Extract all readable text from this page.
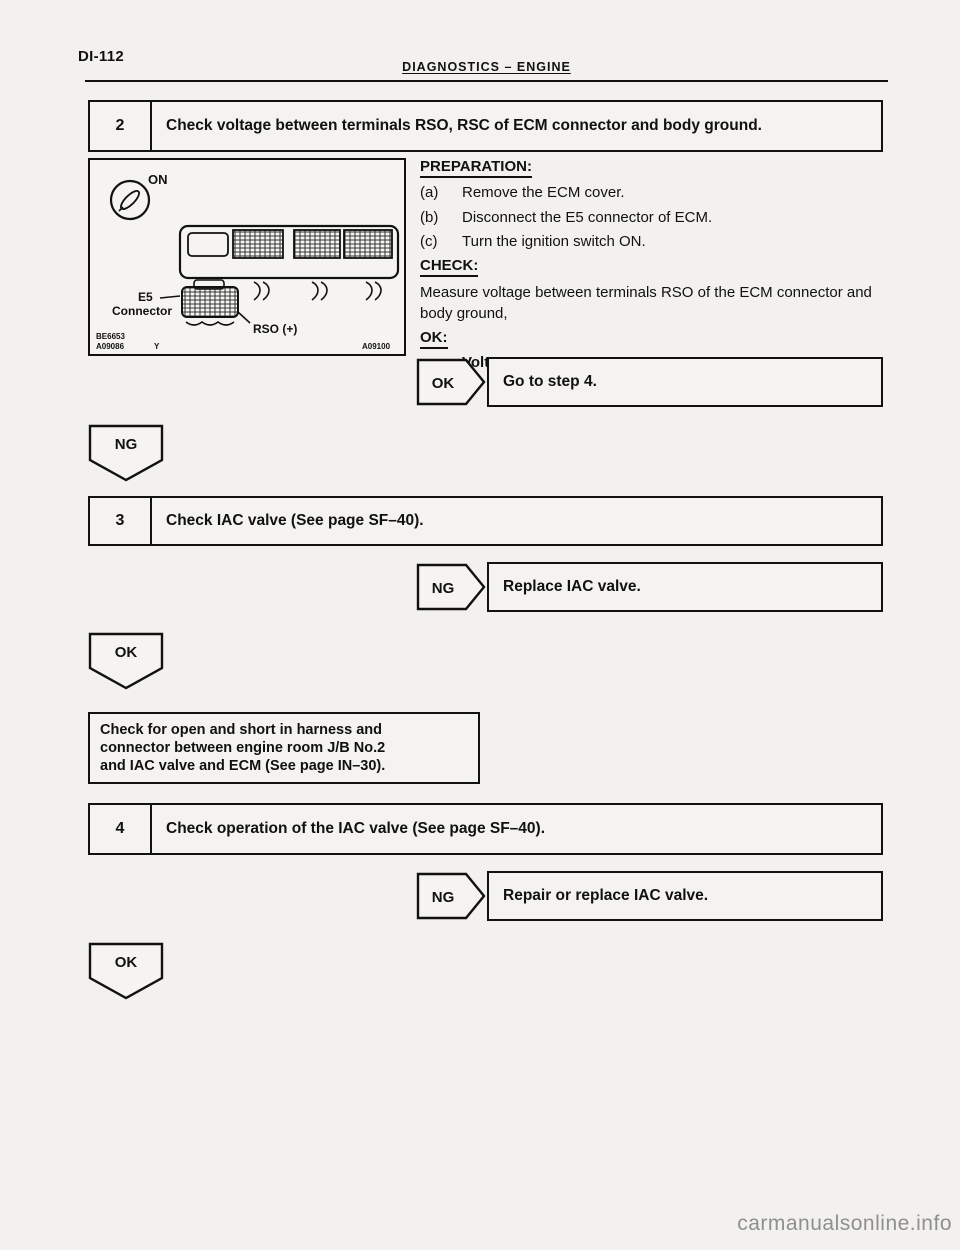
DI-112
DIAGNOSTICS – ENGINE
2	Check voltage between terminals RSO, RSC of ECM connector and body ground.
ON
E5
Connector
RSO (+)
BE6653
A09086	Y	A09100
PREPARATION:
(a)	Remove the ECM cover.
(b)	Disconnect the E5 connector of ECM.
(c)	Turn the ignition switch ON.
CHECK:
Measure voltage between terminals RSO of the ECM connector and body ground,
OK:
OK	Go to step 4.
NG
3	Check IAC valve (See page SF–40).
NG	Replace IAC valve.
OK
Check for open and short in harness and
connector between engine room J/B No.2
and IAC valve and ECM (See page IN–30).
4	Check operation of the IAC valve (See page SF–40).
NG	Repair or replace IAC valve.
OK
carmanualsonline.info
